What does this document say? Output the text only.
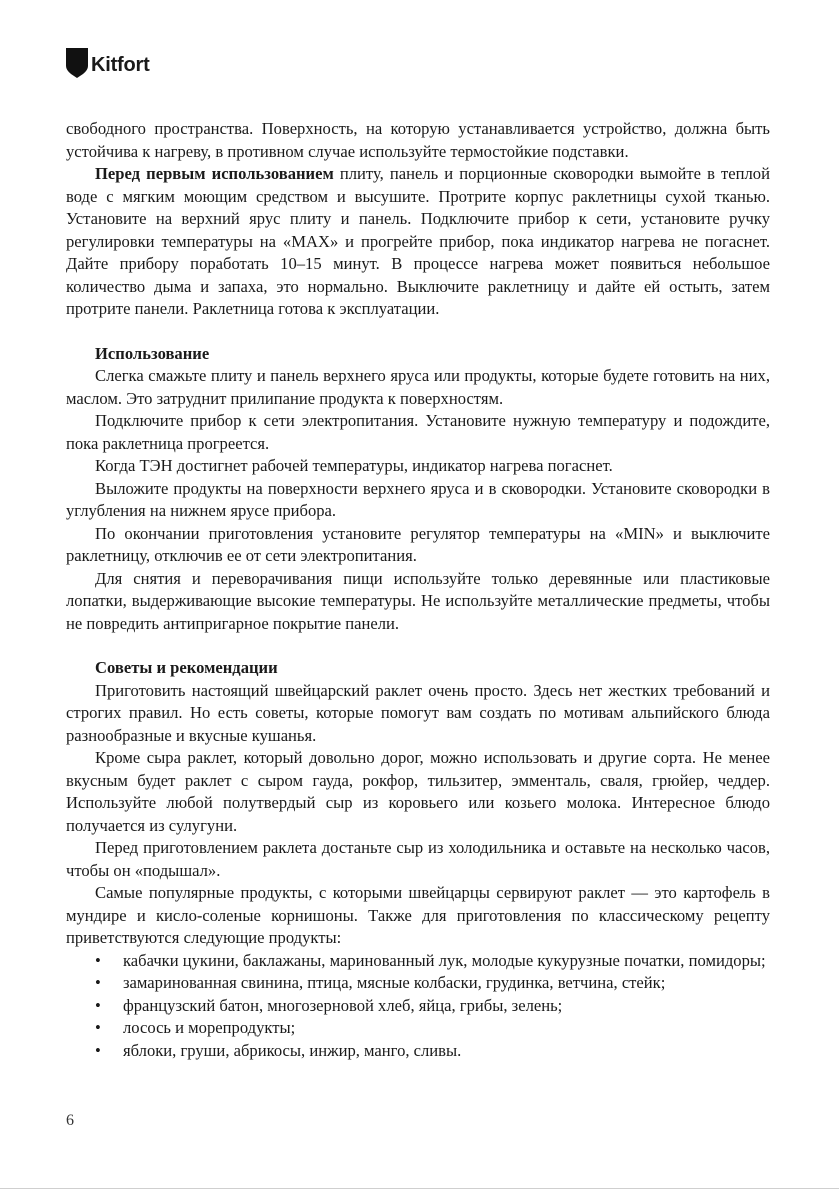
Kitfort

свободного пространства. Поверхность, на которую устанавливается устройство, должна быть устойчива к нагреву, в противном случае используйте термостойкие подставки.

Перед первым использованием плиту, панель и порционные сковородки вымойте в теплой воде с мягким моющим средством и высушите. Протрите корпус раклетницы сухой тканью. Установите на верхний ярус плиту и панель. Подключите прибор к сети, установите ручку регулировки температуры на «MAX» и прогрейте прибор, пока индикатор нагрева не погаснет. Дайте прибору поработать 10–15 минут. В процессе нагрева может появиться небольшое количество дыма и запаха, это нормально. Выключите раклетницу и дайте ей остыть, затем протрите панели. Раклетница готова к эксплуатации.

Использование

Слегка смажьте плиту и панель верхнего яруса или продукты, которые будете готовить на них, маслом. Это затруднит прилипание продукта к поверхностям.

Подключите прибор к сети электропитания. Установите нужную температуру и подождите, пока раклетница прогреется.

Когда ТЭН достигнет рабочей температуры, индикатор нагрева погаснет.

Выложите продукты на поверхности верхнего яруса и в сковородки. Установите сковородки в углубления на нижнем ярусе прибора.

По окончании приготовления установите регулятор температуры на «MIN» и выключите раклетницу, отключив ее от сети электропитания.

Для снятия и переворачивания пищи используйте только деревянные или пластиковые лопатки, выдерживающие высокие температуры. Не используйте металлические предметы, чтобы не повредить антипригарное покрытие панели.

Советы и рекомендации

Приготовить настоящий швейцарский раклет очень просто. Здесь нет жестких требований и строгих правил. Но есть советы, которые помогут вам создать по мотивам альпийского блюда разнообразные и вкусные кушанья.

Кроме сыра раклет, который довольно дорог, можно использовать и другие сорта. Не менее вкусным будет раклет с сыром гауда, рокфор, тильзитер, эмменталь, сваля, грюйер, чеддер. Используйте любой полутвердый сыр из коровьего или козьего молока. Интересное блюдо получается из сулугуни.

Перед приготовлением раклета достаньте сыр из холодильника и оставьте на несколько часов, чтобы он «подышал».

Самые популярные продукты, с которыми швейцарцы сервируют раклет — это картофель в мундире и кисло-соленые корнишоны. Также для приготовления по классическому рецепту приветствуются следующие продукты:

• кабачки цукини, баклажаны, маринованный лук, молодые кукурузные початки, помидоры;
• замаринованная свинина, птица, мясные колбаски, грудинка, ветчина, стейк;
• французский батон, многозерновой хлеб, яйца, грибы, зелень;
• лосось и морепродукты;
• яблоки, груши, абрикосы, инжир, манго, сливы.
6
